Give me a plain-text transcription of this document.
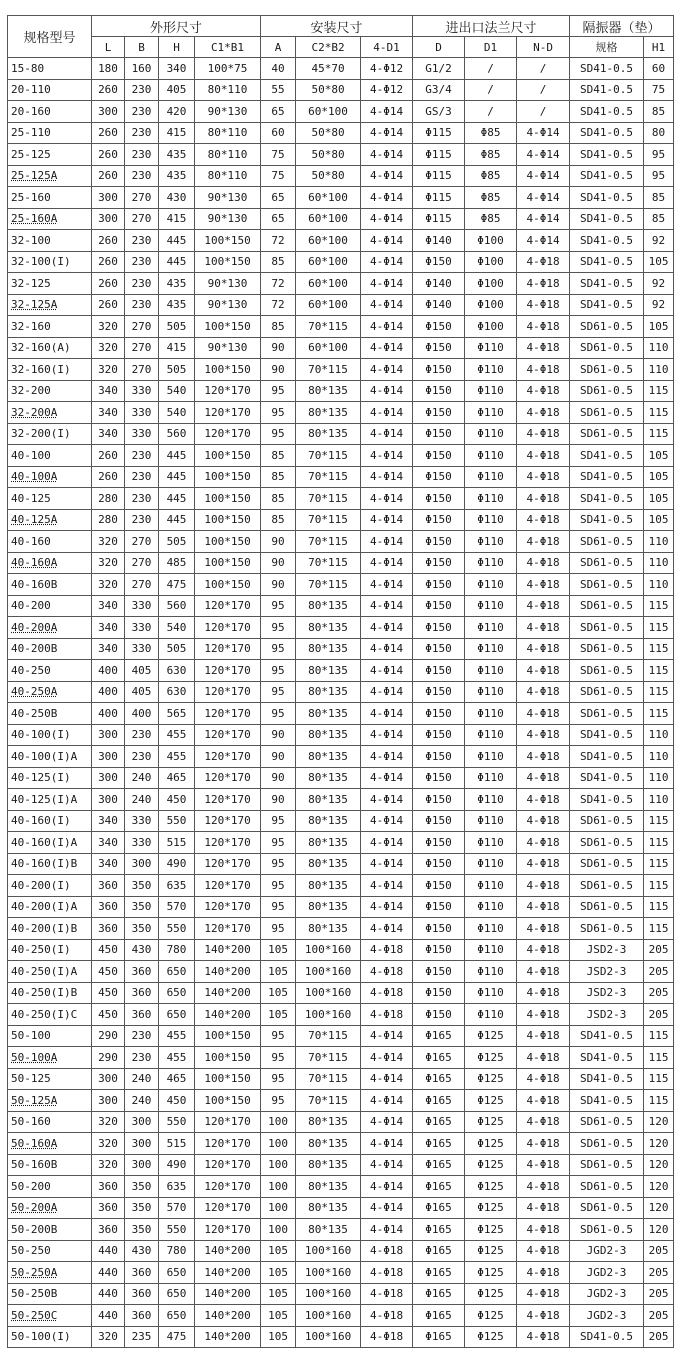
规格型号	外形尺寸				安装尺寸			进出口法兰尺寸			隔振器（垫）	
	L	B	H	C1*B1	A	C2*B2	4-D1	D	D1	N-D	规格	H1
15-80	180	160	340	100*75	40	45*70	4-Φ12	G1/2	/	/	SD41-0.5	60
20-110	260	230	405	80*110	55	50*80	4-Φ12	G3/4	/	/	SD41-0.5	75
20-160	300	230	420	90*130	65	60*100	4-Φ14	GS/3	/	/	SD41-0.5	85
25-110	260	230	415	80*110	60	50*80	4-Φ14	Φ115	Φ85	4-Φ14	SD41-0.5	80
25-125	260	230	435	80*110	75	50*80	4-Φ14	Φ115	Φ85	4-Φ14	SD41-0.5	95
25-125A	260	230	435	80*110	75	50*80	4-Φ14	Φ115	Φ85	4-Φ14	SD41-0.5	95
25-160	300	270	430	90*130	65	60*100	4-Φ14	Φ115	Φ85	4-Φ14	SD41-0.5	85
25-160A	300	270	415	90*130	65	60*100	4-Φ14	Φ115	Φ85	4-Φ14	SD41-0.5	85
32-100	260	230	445	100*150	72	60*100	4-Φ14	Φ140	Φ100	4-Φ14	SD41-0.5	92
32-100(I)	260	230	445	100*150	85	60*100	4-Φ14	Φ150	Φ100	4-Φ18	SD41-0.5	105
32-125	260	230	435	90*130	72	60*100	4-Φ14	Φ140	Φ100	4-Φ18	SD41-0.5	92
32-125A	260	230	435	90*130	72	60*100	4-Φ14	Φ140	Φ100	4-Φ18	SD41-0.5	92
32-160	320	270	505	100*150	85	70*115	4-Φ14	Φ150	Φ100	4-Φ18	SD61-0.5	105
32-160(A)	320	270	415	90*130	90	60*100	4-Φ14	Φ150	Φ110	4-Φ18	SD61-0.5	110
32-160(I)	320	270	505	100*150	90	70*115	4-Φ14	Φ150	Φ110	4-Φ18	SD61-0.5	110
32-200	340	330	540	120*170	95	80*135	4-Φ14	Φ150	Φ110	4-Φ18	SD61-0.5	115
32-200A	340	330	540	120*170	95	80*135	4-Φ14	Φ150	Φ110	4-Φ18	SD61-0.5	115
32-200(I)	340	330	560	120*170	95	80*135	4-Φ14	Φ150	Φ110	4-Φ18	SD61-0.5	115
40-100	260	230	445	100*150	85	70*115	4-Φ14	Φ150	Φ110	4-Φ18	SD41-0.5	105
40-100A	260	230	445	100*150	85	70*115	4-Φ14	Φ150	Φ110	4-Φ18	SD41-0.5	105
40-125	280	230	445	100*150	85	70*115	4-Φ14	Φ150	Φ110	4-Φ18	SD41-0.5	105
40-125A	280	230	445	100*150	85	70*115	4-Φ14	Φ150	Φ110	4-Φ18	SD41-0.5	105
40-160	320	270	505	100*150	90	70*115	4-Φ14	Φ150	Φ110	4-Φ18	SD61-0.5	110
40-160A	320	270	485	100*150	90	70*115	4-Φ14	Φ150	Φ110	4-Φ18	SD61-0.5	110
40-160B	320	270	475	100*150	90	70*115	4-Φ14	Φ150	Φ110	4-Φ18	SD61-0.5	110
40-200	340	330	560	120*170	95	80*135	4-Φ14	Φ150	Φ110	4-Φ18	SD61-0.5	115
40-200A	340	330	540	120*170	95	80*135	4-Φ14	Φ150	Φ110	4-Φ18	SD61-0.5	115
40-200B	340	330	505	120*170	95	80*135	4-Φ14	Φ150	Φ110	4-Φ18	SD61-0.5	115
40-250	400	405	630	120*170	95	80*135	4-Φ14	Φ150	Φ110	4-Φ18	SD61-0.5	115
40-250A	400	405	630	120*170	95	80*135	4-Φ14	Φ150	Φ110	4-Φ18	SD61-0.5	115
40-250B	400	400	565	120*170	95	80*135	4-Φ14	Φ150	Φ110	4-Φ18	SD61-0.5	115
40-100(I)	300	230	455	120*170	90	80*135	4-Φ14	Φ150	Φ110	4-Φ18	SD41-0.5	110
40-100(I)A	300	230	455	120*170	90	80*135	4-Φ14	Φ150	Φ110	4-Φ18	SD41-0.5	110
40-125(I)	300	240	465	120*170	90	80*135	4-Φ14	Φ150	Φ110	4-Φ18	SD41-0.5	110
40-125(I)A	300	240	450	120*170	90	80*135	4-Φ14	Φ150	Φ110	4-Φ18	SD41-0.5	110
40-160(I)	340	330	550	120*170	95	80*135	4-Φ14	Φ150	Φ110	4-Φ18	SD61-0.5	115
40-160(I)A	340	330	515	120*170	95	80*135	4-Φ14	Φ150	Φ110	4-Φ18	SD61-0.5	115
40-160(I)B	340	300	490	120*170	95	80*135	4-Φ14	Φ150	Φ110	4-Φ18	SD61-0.5	115
40-200(I)	360	350	635	120*170	95	80*135	4-Φ14	Φ150	Φ110	4-Φ18	SD61-0.5	115
40-200(I)A	360	350	570	120*170	95	80*135	4-Φ14	Φ150	Φ110	4-Φ18	SD61-0.5	115
40-200(I)B	360	350	550	120*170	95	80*135	4-Φ14	Φ150	Φ110	4-Φ18	SD61-0.5	115
40-250(I)	450	430	780	140*200	105	100*160	4-Φ18	Φ150	Φ110	4-Φ18	JSD2-3	205
40-250(I)A	450	360	650	140*200	105	100*160	4-Φ18	Φ150	Φ110	4-Φ18	JSD2-3	205
40-250(I)B	450	360	650	140*200	105	100*160	4-Φ18	Φ150	Φ110	4-Φ18	JSD2-3	205
40-250(I)C	450	360	650	140*200	105	100*160	4-Φ18	Φ150	Φ110	4-Φ18	JSD2-3	205
50-100	290	230	455	100*150	95	70*115	4-Φ14	Φ165	Φ125	4-Φ18	SD41-0.5	115
50-100A	290	230	455	100*150	95	70*115	4-Φ14	Φ165	Φ125	4-Φ18	SD41-0.5	115
50-125	300	240	465	100*150	95	70*115	4-Φ14	Φ165	Φ125	4-Φ18	SD41-0.5	115
50-125A	300	240	450	100*150	95	70*115	4-Φ14	Φ165	Φ125	4-Φ18	SD41-0.5	115
50-160	320	300	550	120*170	100	80*135	4-Φ14	Φ165	Φ125	4-Φ18	SD61-0.5	120
50-160A	320	300	515	120*170	100	80*135	4-Φ14	Φ165	Φ125	4-Φ18	SD61-0.5	120
50-160B	320	300	490	120*170	100	80*135	4-Φ14	Φ165	Φ125	4-Φ18	SD61-0.5	120
50-200	360	350	635	120*170	100	80*135	4-Φ14	Φ165	Φ125	4-Φ18	SD61-0.5	120
50-200A	360	350	570	120*170	100	80*135	4-Φ14	Φ165	Φ125	4-Φ18	SD61-0.5	120
50-200B	360	350	550	120*170	100	80*135	4-Φ14	Φ165	Φ125	4-Φ18	SD61-0.5	120
50-250	440	430	780	140*200	105	100*160	4-Φ18	Φ165	Φ125	4-Φ18	JGD2-3	205
50-250A	440	360	650	140*200	105	100*160	4-Φ18	Φ165	Φ125	4-Φ18	JGD2-3	205
50-250B	440	360	650	140*200	105	100*160	4-Φ18	Φ165	Φ125	4-Φ18	JGD2-3	205
50-250C	440	360	650	140*200	105	100*160	4-Φ18	Φ165	Φ125	4-Φ18	JGD2-3	205
50-100(I)	320	235	475	140*200	105	100*160	4-Φ18	Φ165	Φ125	4-Φ18	SD41-0.5	205
